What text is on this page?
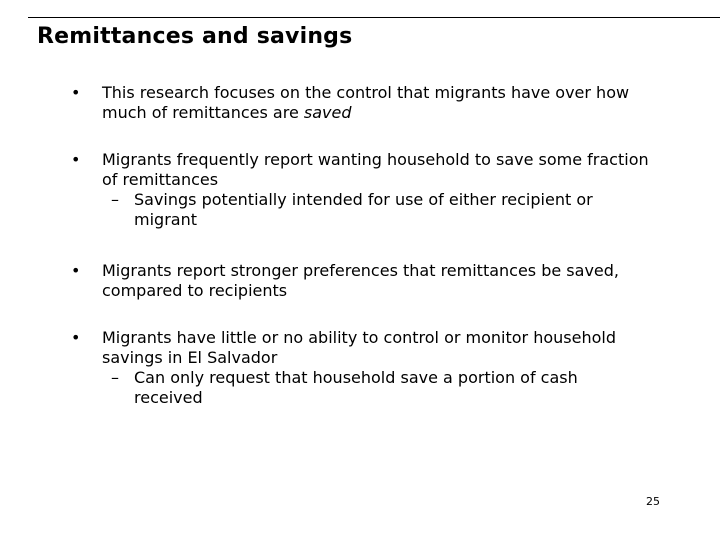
Remittances and savings
•	This research focuses on the control that migrants have over how much of remittances are saved
•	Migrants frequently report wanting household to save some fraction of remittances
– Savings potentially intended for use of either recipient or migrant
•	Migrants report stronger preferences that remittances be saved, compared to recipients
•	Migrants have little or no ability to control or monitor household savings in El Salvador
– Can only request that household save a portion of cash received
25
